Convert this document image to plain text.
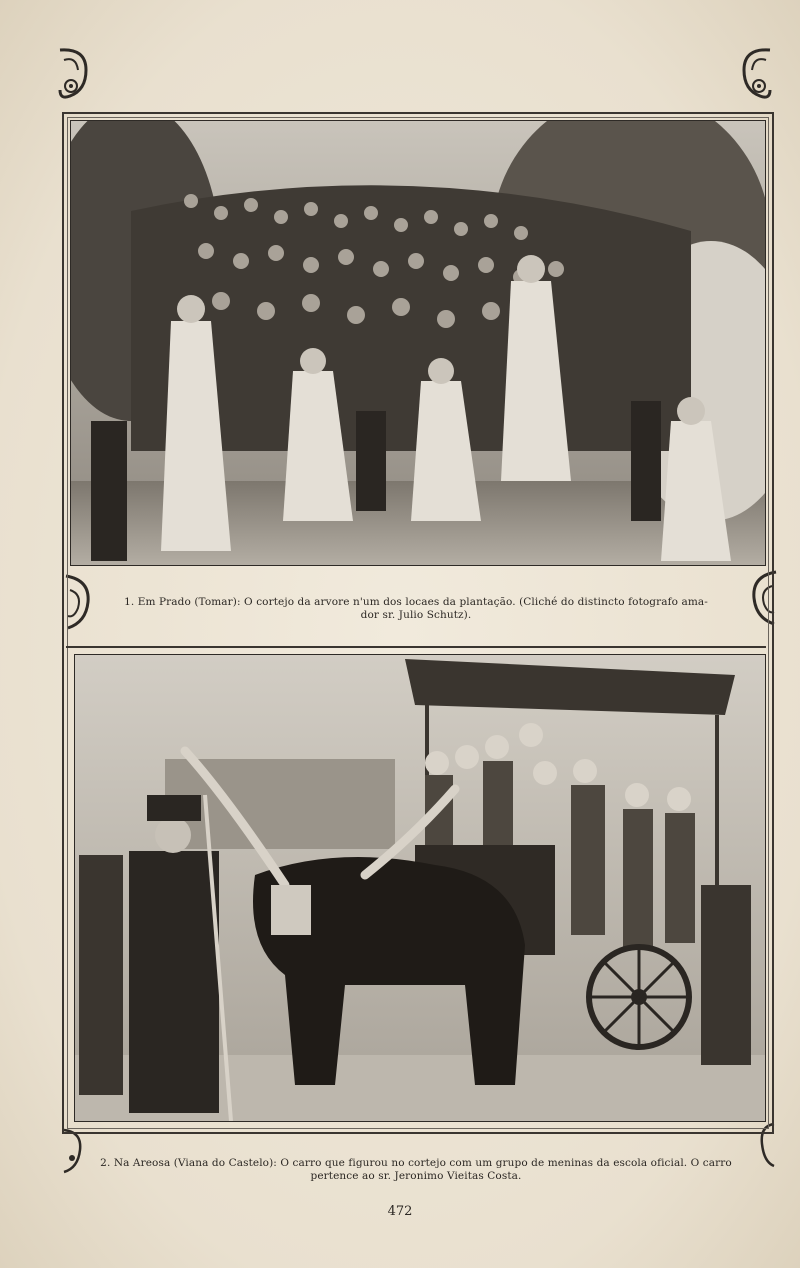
1. Em Prado (Tomar): O cortejo da arvore n'um dos locaes da plantação. (Cliché do distincto fotografo ama-
dor sr. Julio Schutz).
2. Na Areosa (Viana do Castelo): O carro que figurou no cortejo com um grupo de meninas da escola oficial. O carro
pertence ao sr. Jeronimo Vieitas Costa.
472
